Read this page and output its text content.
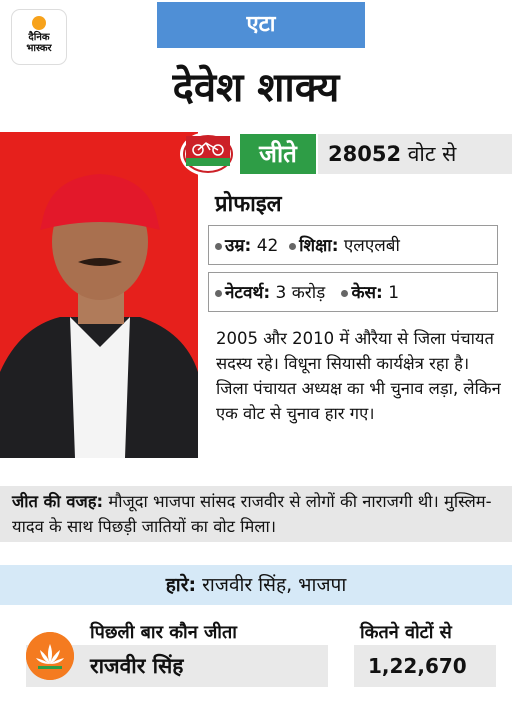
दैनिक
भास्कर
एटा
देवेश शाक्य
जीते	28052 वोट से
प्रोफाइल
उम्र: 42 शिक्षा: एलएलबी
नेटवर्थ: 3 करोड़ केस: 1
2005 और 2010 में औरैया से जिला पंचायत सदस्य रहे। विधूना सियासी कार्यक्षेत्र रहा है। जिला पंचायत अध्यक्ष का भी चुनाव लड़ा, लेकिन एक वोट से चुनाव हार गए।
जीत की वजह: मौजूदा भाजपा सांसद राजवीर से लोगों की नाराजगी थी। मुस्लिम-यादव के साथ पिछड़ी जातियों का वोट मिला।
हारे: राजवीर सिंह, भाजपा
पिछली बार कौन जीता	कितने वोटों से
राजवीर सिंह	1,22,670
